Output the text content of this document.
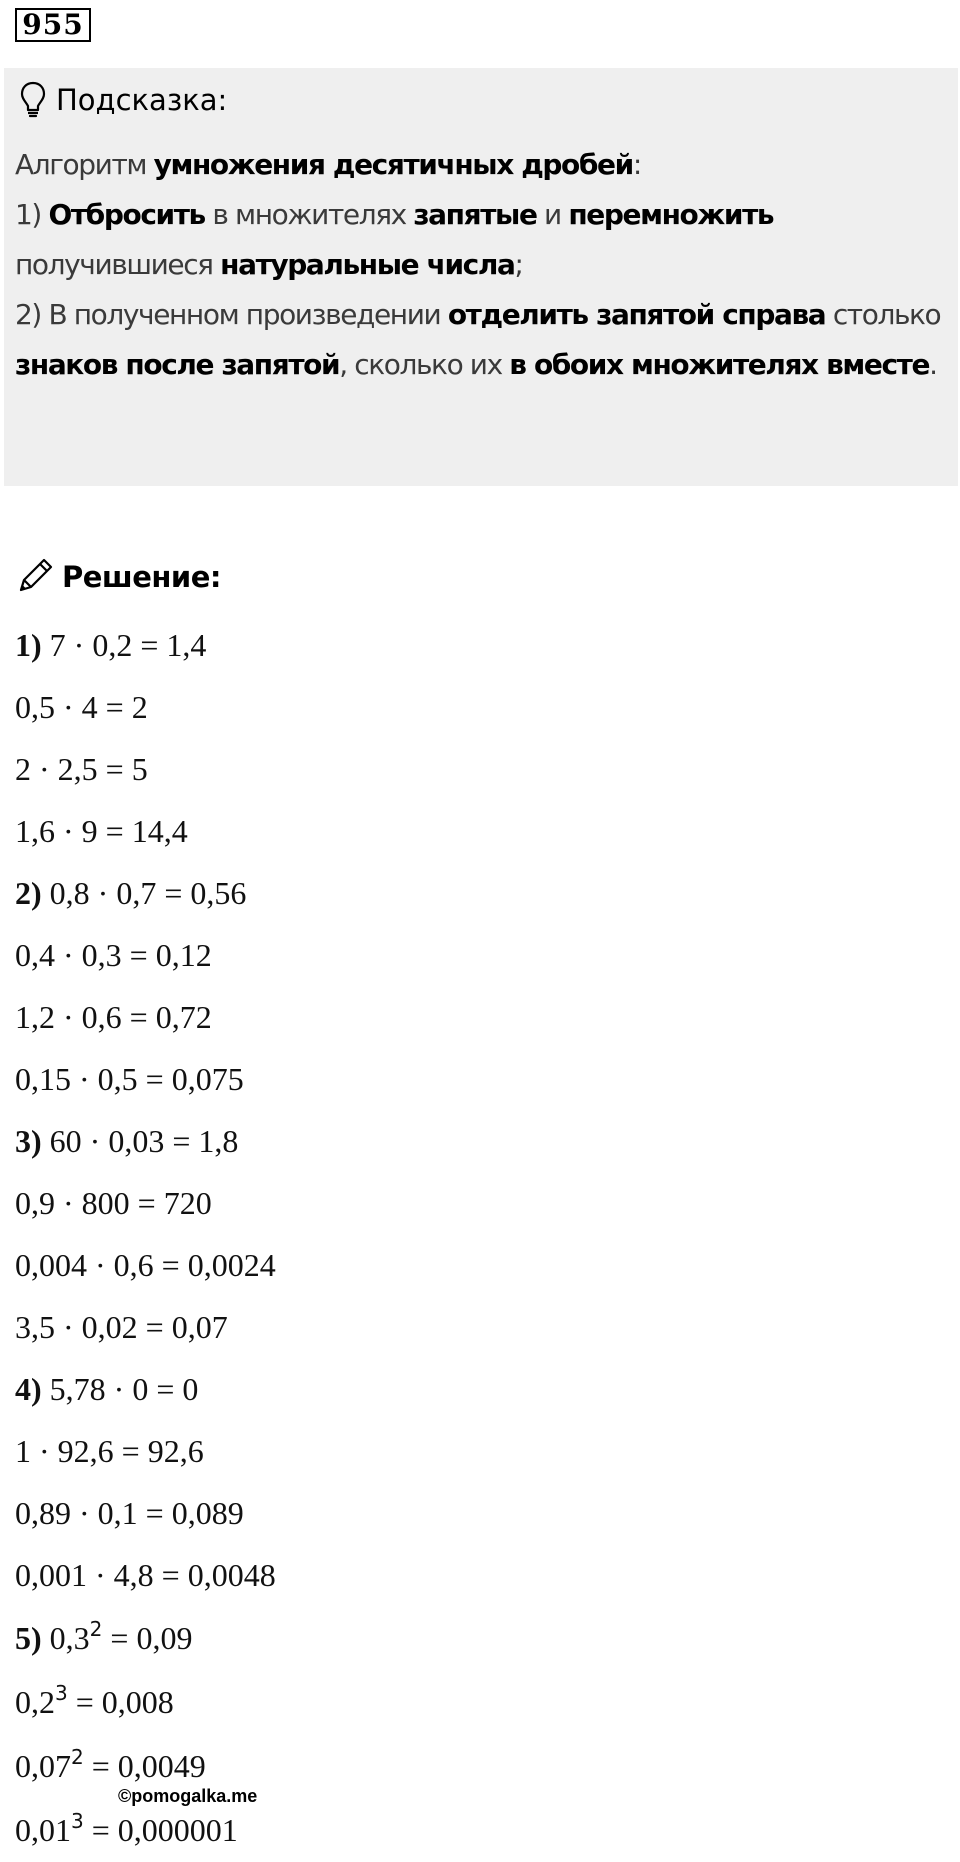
955
Подсказка:
Алгоритм умножения десятичных дробей:
1) Отбросить в множителях запятые и перемножить получившиеся натуральные числа;
2) В полученном произведении отделить запятой справа столько знаков после запятой, сколько их в обоих множителях вместе.
Решение:
1) 7 · 0,2 = 1,4
0,5 · 4 = 2
2 · 2,5 = 5
1,6 · 9 = 14,4
2) 0,8 · 0,7 = 0,56
0,4 · 0,3 = 0,12
1,2 · 0,6 = 0,72
0,15 · 0,5 = 0,075
3) 60 · 0,03 = 1,8
0,9 · 800 = 720
0,004 · 0,6 = 0,0024
3,5 · 0,02 = 0,07
4) 5,78 · 0 = 0
1 · 92,6 = 92,6
0,89 · 0,1 = 0,089
0,001 · 4,8 = 0,0048
5) $0,3^2 = 0,09$
$0,2^3 = 0,008$
$0,07^2 = 0,0049$
$0,01^3 = 0,000001$
©pomogalka.me
